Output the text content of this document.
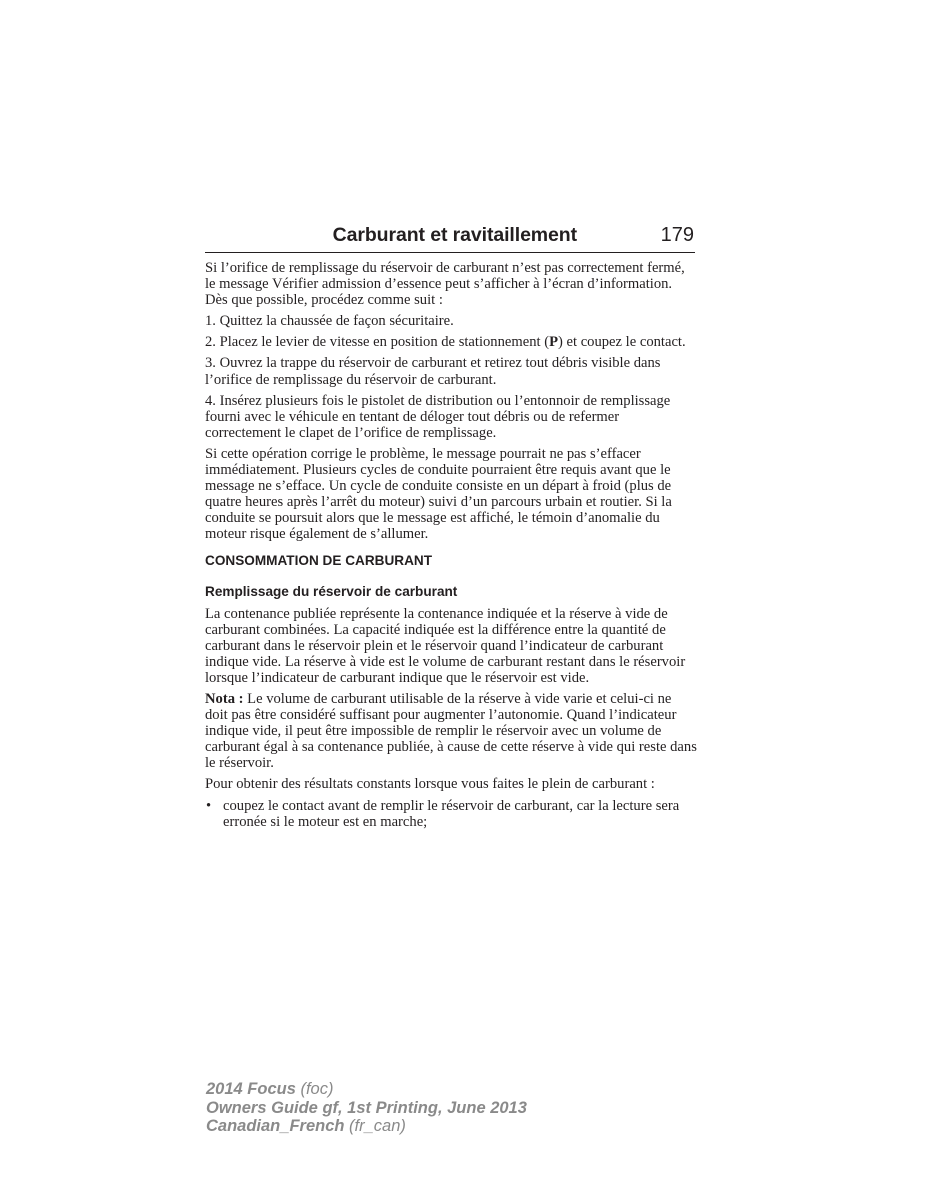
Carburant et ravitaillement	179

Si l’orifice de remplissage du réservoir de carburant n’est pas correctement fermé, le message Vérifier admission d’essence peut s’afficher à l’écran d’information. Dès que possible, procédez comme suit :

1. Quittez la chaussée de façon sécuritaire.

2. Placez le levier de vitesse en position de stationnement (P) et coupez le contact.

3. Ouvrez la trappe du réservoir de carburant et retirez tout débris visible dans l’orifice de remplissage du réservoir de carburant.

4. Insérez plusieurs fois le pistolet de distribution ou l’entonnoir de remplissage fourni avec le véhicule en tentant de déloger tout débris ou de refermer correctement le clapet de l’orifice de remplissage.

Si cette opération corrige le problème, le message pourrait ne pas s’effacer immédiatement. Plusieurs cycles de conduite pourraient être requis avant que le message ne s’efface. Un cycle de conduite consiste en un départ à froid (plus de quatre heures après l’arrêt du moteur) suivi d’un parcours urbain et routier. Si la conduite se poursuit alors que le message est affiché, le témoin d’anomalie du moteur risque également de s’allumer.

CONSOMMATION DE CARBURANT
Remplissage du réservoir de carburant

La contenance publiée représente la contenance indiquée et la réserve à vide de carburant combinées. La capacité indiquée est la différence entre la quantité de carburant dans le réservoir plein et le réservoir quand l’indicateur de carburant indique vide. La réserve à vide est le volume de carburant restant dans le réservoir lorsque l’indicateur de carburant indique que le réservoir est vide.

Nota : Le volume de carburant utilisable de la réserve à vide varie et celui-ci ne doit pas être considéré suffisant pour augmenter l’autonomie. Quand l’indicateur indique vide, il peut être impossible de remplir le réservoir avec un volume de carburant égal à sa contenance publiée, à cause de cette réserve à vide qui reste dans le réservoir.

Pour obtenir des résultats constants lorsque vous faites le plein de carburant :

• coupez le contact avant de remplir le réservoir de carburant, car la lecture sera erronée si le moteur est en marche;
2014 Focus (foc)
Owners Guide gf, 1st Printing, June 2013
Canadian_French (fr_can)
